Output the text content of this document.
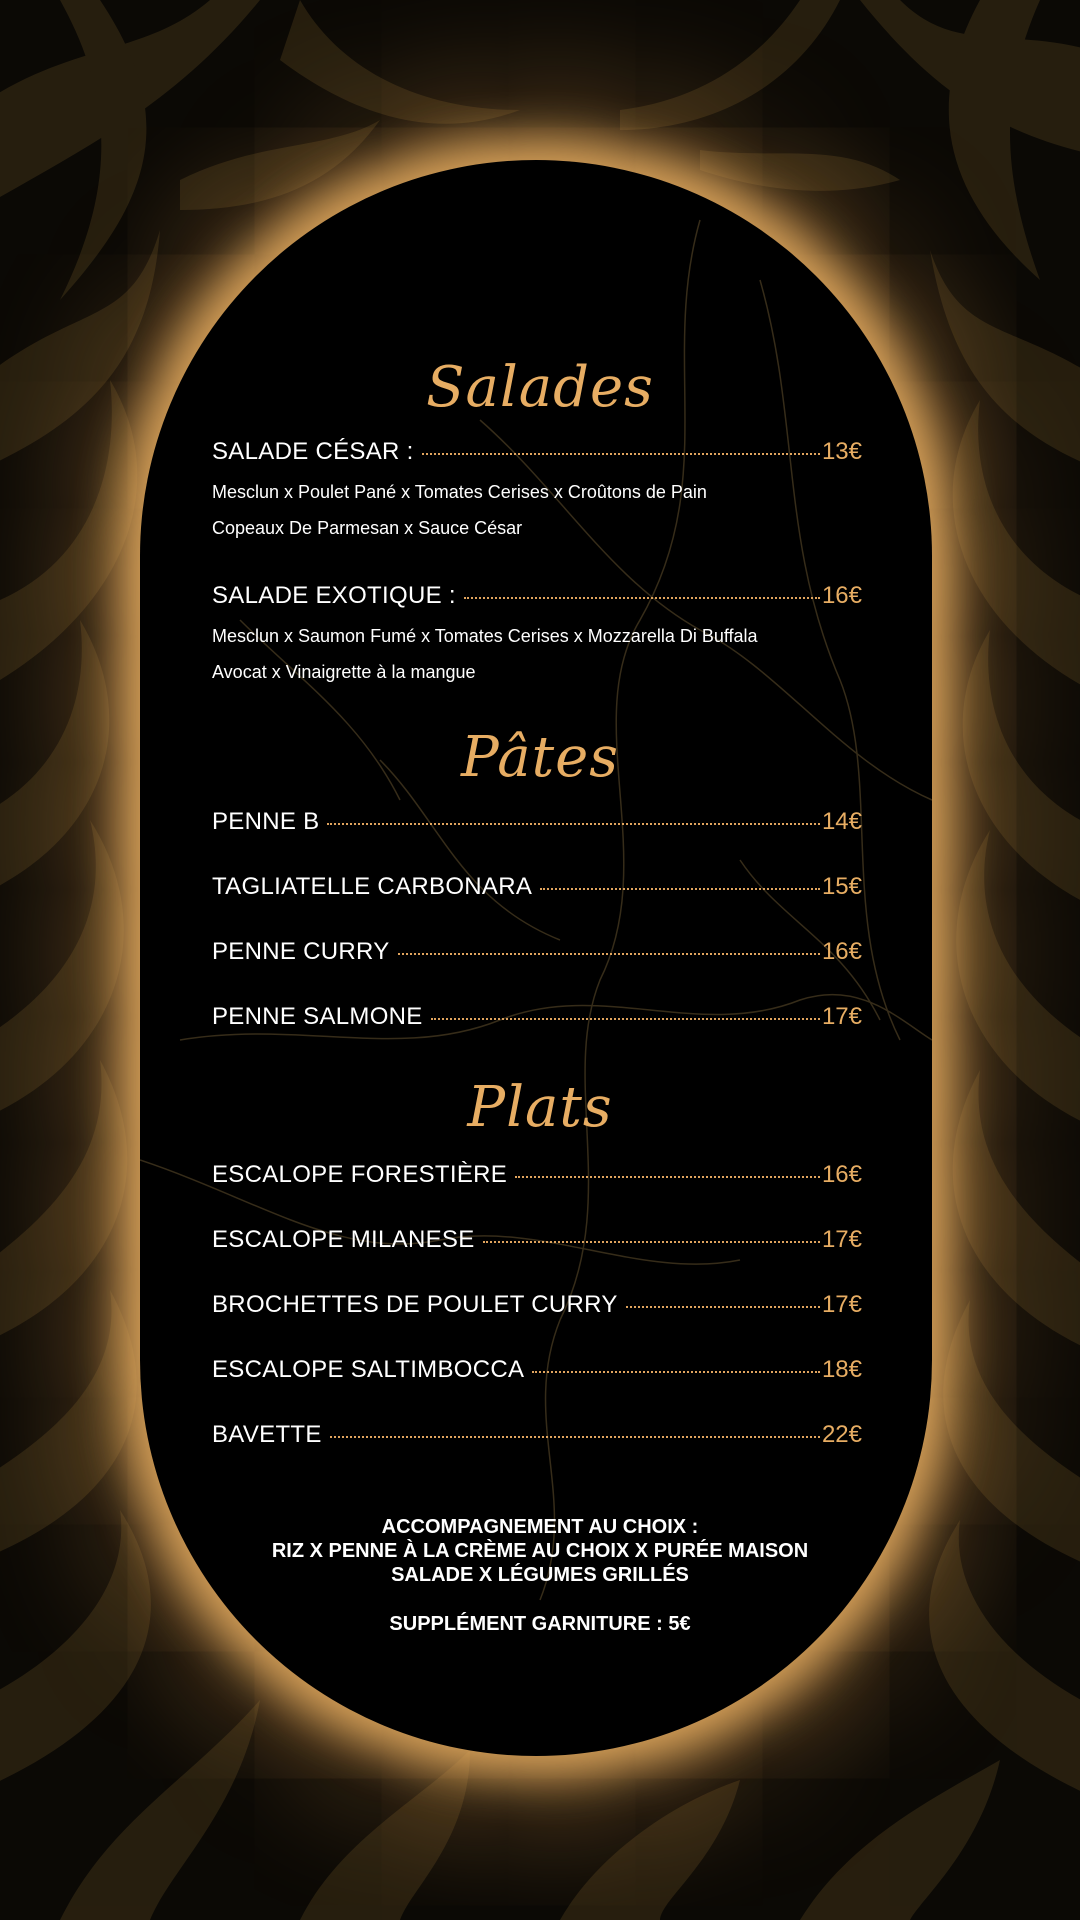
Salades
SALADE CÉSAR :	13€
Mesclun x Poulet Pané x Tomates Cerises x Croûtons de Pain
Copeaux De Parmesan x Sauce César
SALADE EXOTIQUE :	16€
Mesclun x Saumon Fumé x Tomates Cerises x Mozzarella Di Buffala
Avocat x Vinaigrette à la mangue
Pâtes
PENNE B	14€
TAGLIATELLE CARBONARA	15€
PENNE CURRY	16€
PENNE SALMONE	17€
Plats
ESCALOPE FORESTIÈRE	16€
ESCALOPE MILANESE	17€
BROCHETTES DE POULET CURRY	17€
ESCALOPE SALTIMBOCCA	18€
BAVETTE	22€
ACCOMPAGNEMENT AU CHOIX :
RIZ X PENNE À LA CRÈME AU CHOIX X PURÉE MAISON
SALADE X LÉGUMES GRILLÉS
SUPPLÉMENT GARNITURE : 5€
